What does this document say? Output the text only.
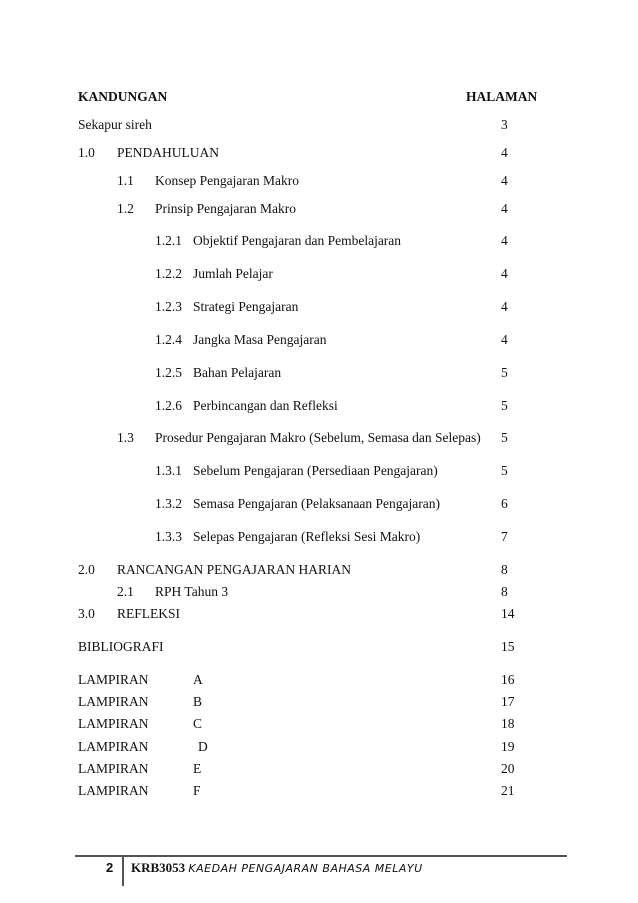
KANDUNGAN	HALAMAN
Sekapur sireh	3
1.0 PENDAHULUAN	4
1.1 Konsep Pengajaran Makro	4
1.2 Prinsip Pengajaran Makro	4
1.2.1 Objektif Pengajaran dan Pembelajaran	4
1.2.2 Jumlah Pelajar	4
1.2.3 Strategi Pengajaran	4
1.2.4 Jangka Masa Pengajaran	4
1.2.5 Bahan Pelajaran	5
1.2.6 Perbincangan dan Refleksi	5
1.3 Prosedur Pengajaran Makro (Sebelum, Semasa dan Selepas) 5
1.3.1 Sebelum Pengajaran (Persediaan Pengajaran)	5
1.3.2 Semasa Pengajaran (Pelaksanaan Pengajaran)	6
1.3.3 Selepas Pengajaran (Refleksi Sesi Makro)	7
2.0 RANCANGAN PENGAJARAN HARIAN	8
2.1 RPH Tahun 3	8
3.0 REFLEKSI	14
BIBLIOGRAFI	15
LAMPIRAN	A	16
LAMPIRAN	B	17
LAMPIRAN	C	18
LAMPIRAN	D	19
LAMPIRAN	E	20
LAMPIRAN	F	21
2 KRB3053 KAEDAH PENGAJARAN BAHASA MELAYU
